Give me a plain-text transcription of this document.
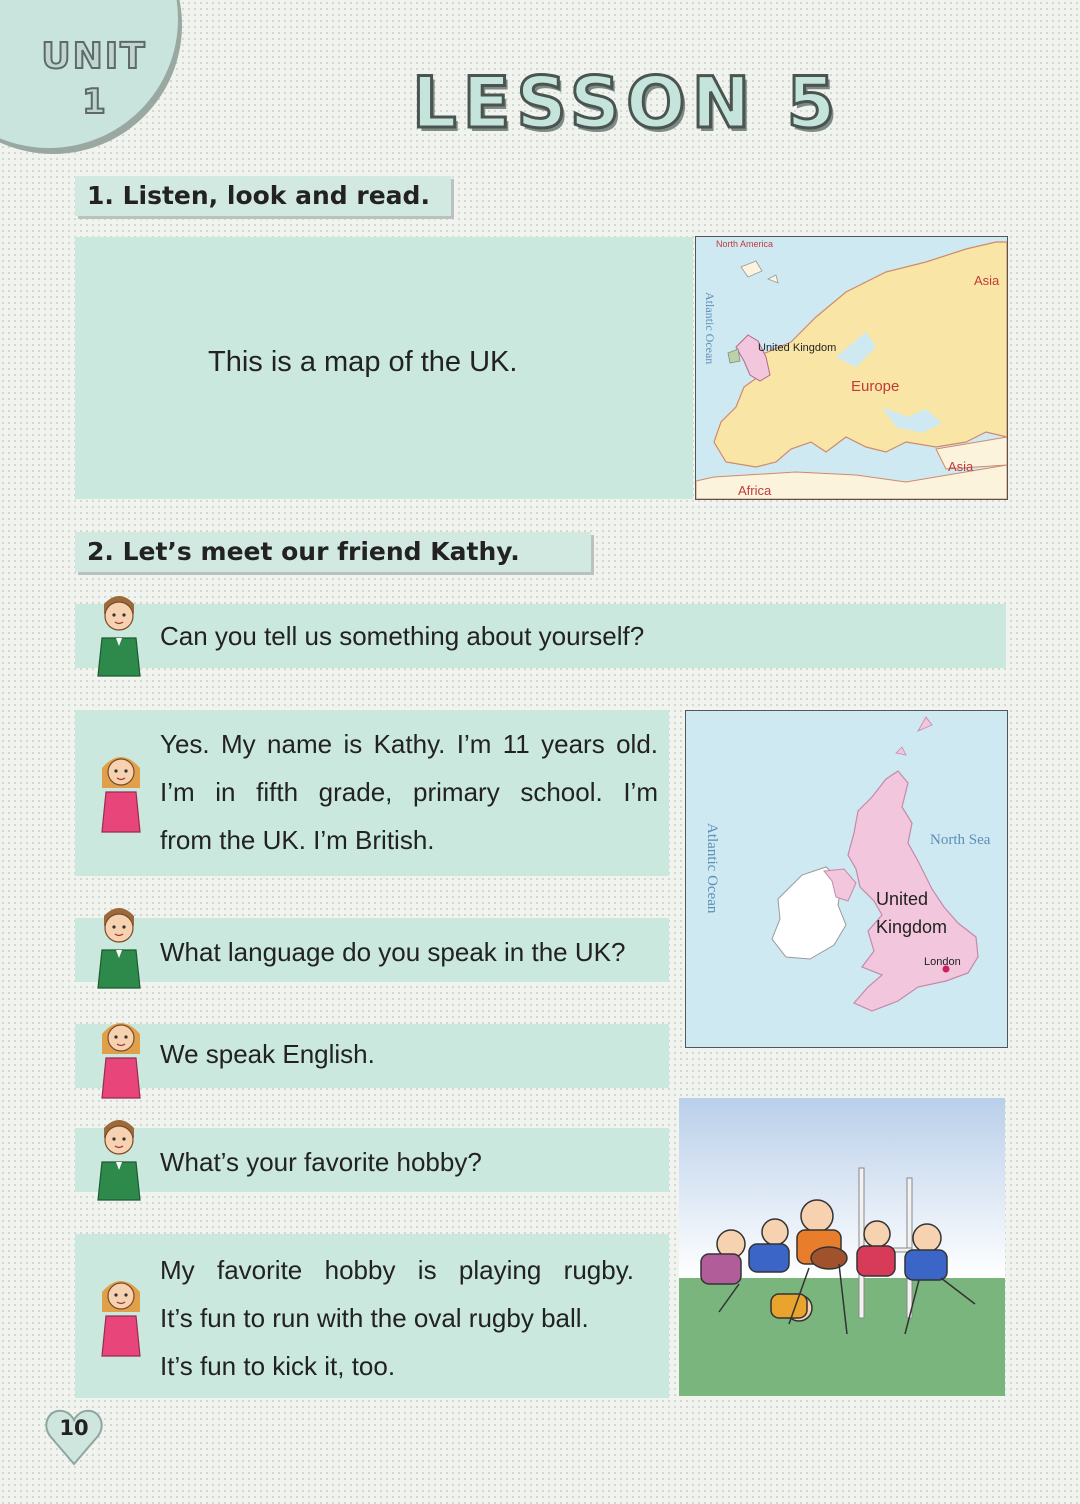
UNIT
1	LESSON 5
1. Listen, look and read.
This is a map of the UK.
North America
Asia
Atlantic Ocean	United Kingdom
Europe
Asia
Africa
2. Let’s meet our friend Kathy.
Can you tell us something about yourself?
Yes. My name is Kathy. I’m 11 years old.
I’m in fifth grade, primary school. I’m
from the UK. I’m British.
What language do you speak in the UK?
We speak English.
What’s your favorite hobby?
My favorite hobby is playing rugby.
It’s fun to run with the oval rugby ball.
It’s fun to kick it, too.
Atlantic Ocean	North Sea
United
Kingdom
London
10
